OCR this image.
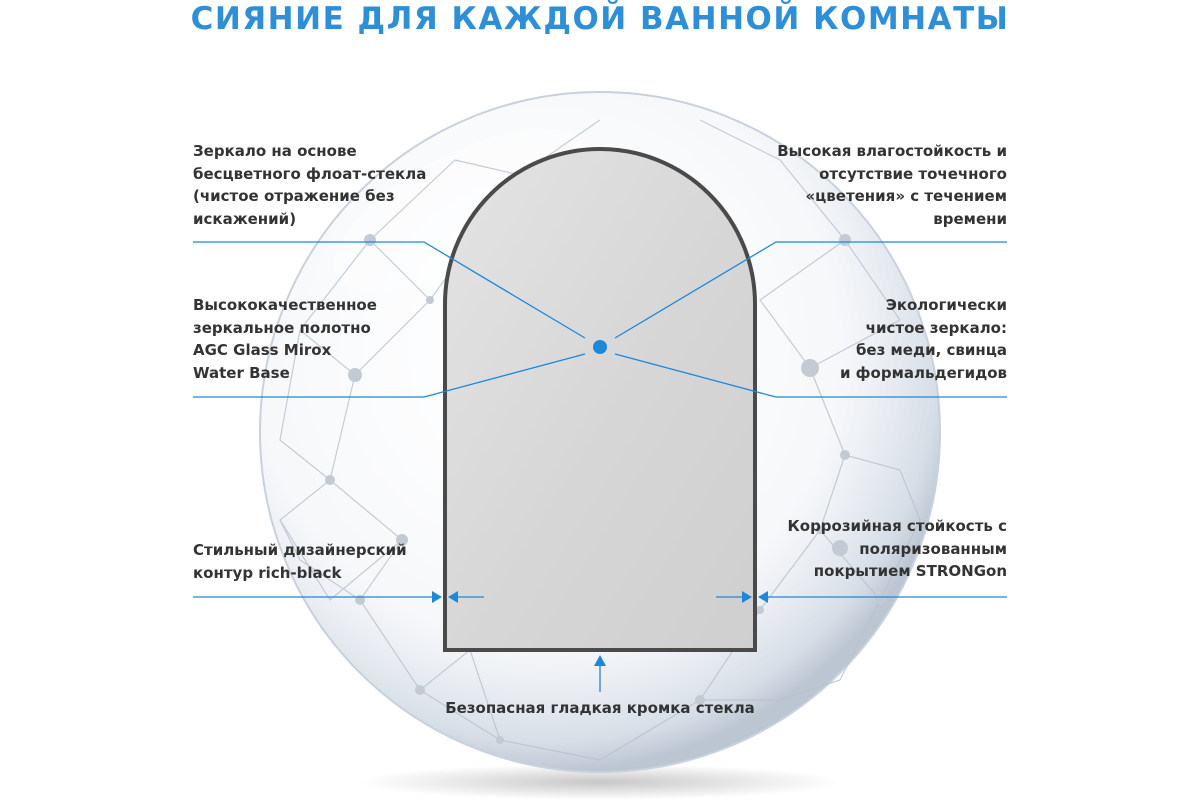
СИЯНИЕ ДЛЯ КАЖДОЙ ВАННОЙ КОМНАТЫ

Зеркало на основе
бесцветного флоат-стекла
(чистое отражение без
искажений)

Высококачественное
зеркальное полотно
AGC Glass Mirox
Water Base

Стильный дизайнерский
контур rich-black

Высокая влагостойкость и
отсутствие точечного
«цветения» с течением
времени

Экологически
чистое зеркало:
без меди, свинца
и формальдегидов

Коррозийная стойкость с
поляризованным
покрытием STRONGon

Безопасная гладкая кромка стекла
